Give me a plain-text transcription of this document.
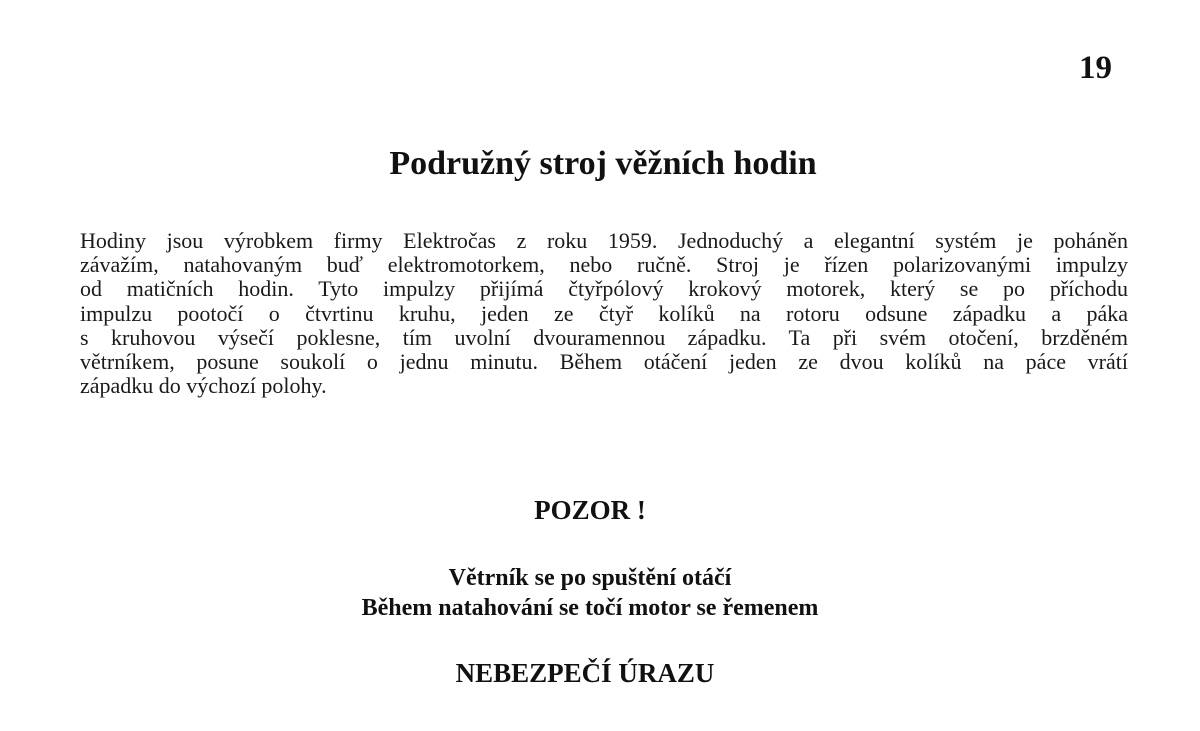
19
Podružný stroj věžních hodin
Hodiny jsou výrobkem firmy Elektročas z roku 1959. Jednoduchý a elegantní systém je poháněn
závažím, natahovaným buď elektromotorkem, nebo ručně. Stroj je řízen polarizovanými impulzy
od matičních hodin. Tyto impulzy přijímá čtyřpólový krokový motorek, který se po příchodu
impulzu pootočí o čtvrtinu kruhu, jeden ze čtyř kolíků na rotoru odsune západku a páka
s kruhovou výsečí poklesne, tím uvolní dvouramennou západku. Ta při svém otočení, brzděném
větrníkem, posune soukolí o jednu minutu. Během otáčení jeden ze dvou kolíků na páce vrátí
západku do výchozí polohy.
POZOR !
Větrník se po spuštění otáčí
Během natahování se točí motor se řemenem
NEBEZPEČÍ ÚRAZU
